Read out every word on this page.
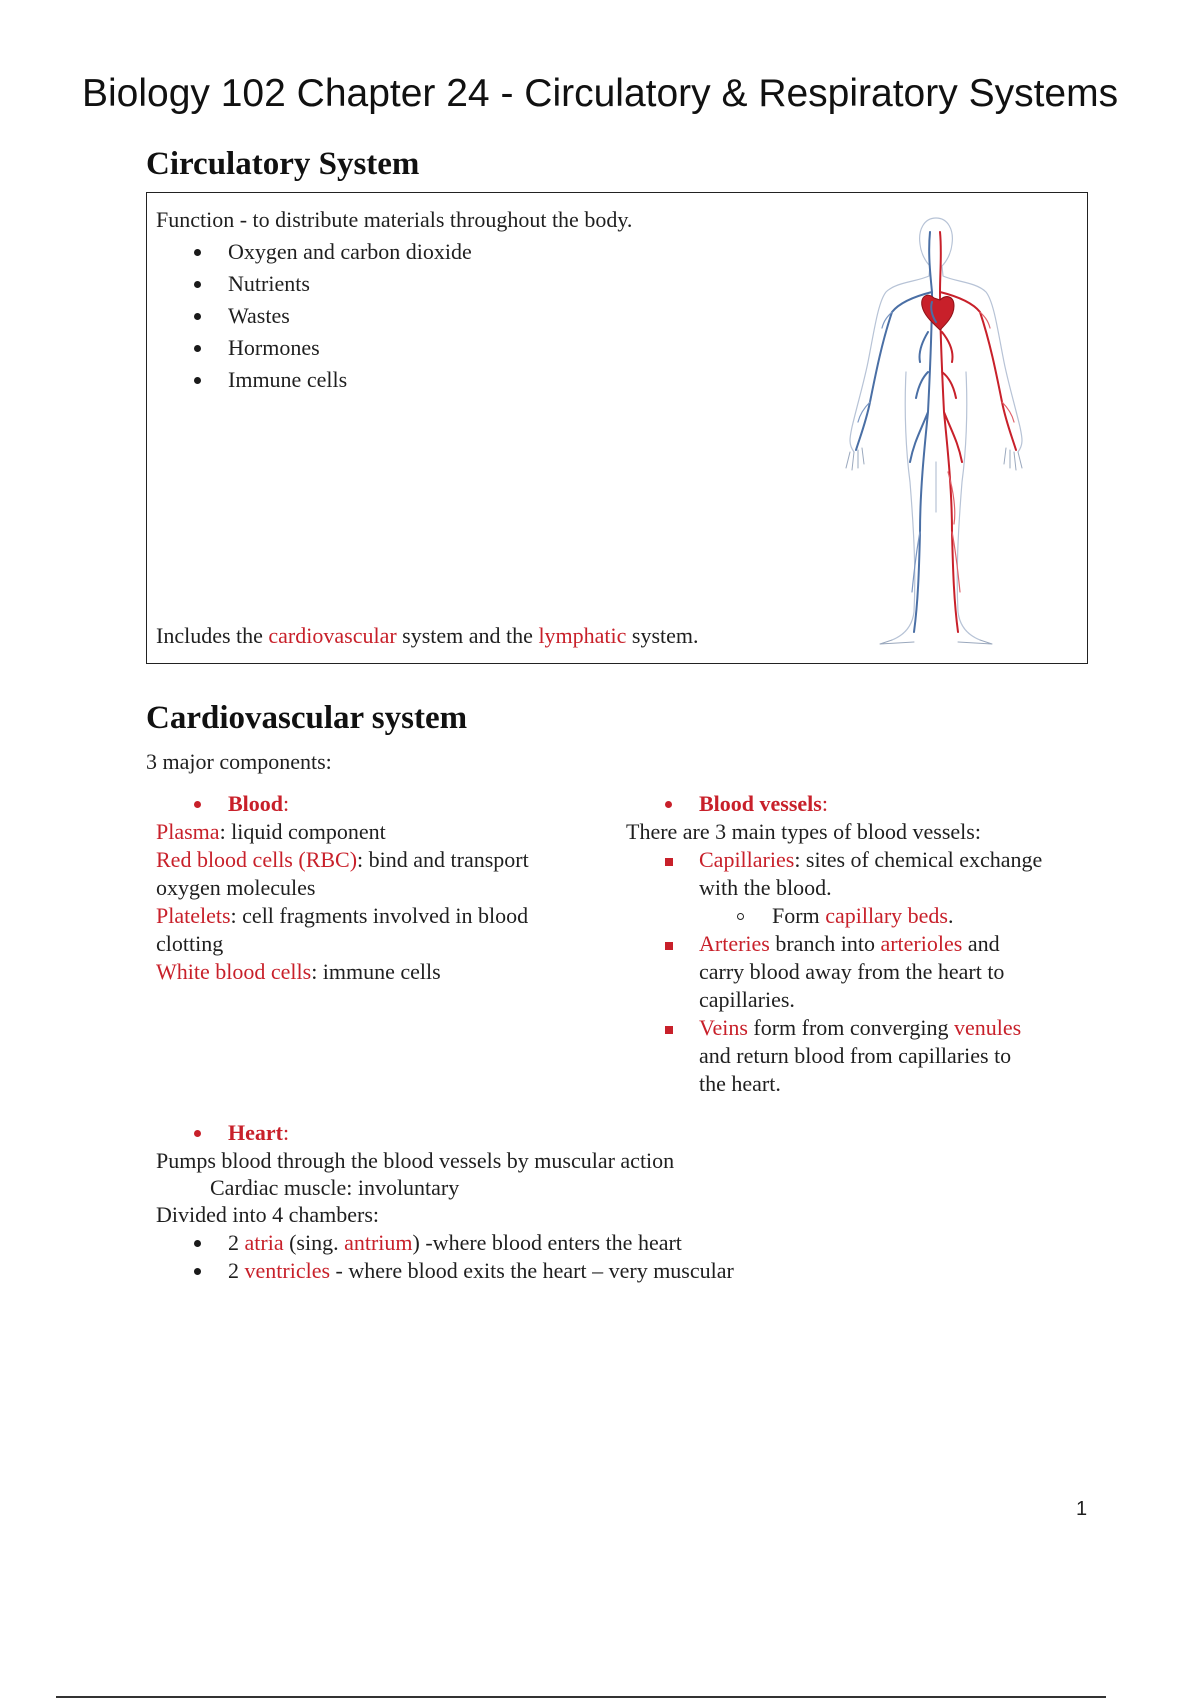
Biology 102 Chapter 24 - Circulatory & Respiratory Systems
Circulatory System
Function - to distribute materials throughout the body.
Oxygen and carbon dioxide
Nutrients
Wastes
Hormones
Immune cells
Includes the cardiovascular system and the lymphatic system.
Cardiovascular system
3 major components:
Blood:
Plasma: liquid component
Red blood cells (RBC): bind and transport
oxygen molecules
Platelets: cell fragments involved in blood
clotting
White blood cells: immune cells
Blood vessels:
There are 3 main types of blood vessels:
Capillaries: sites of chemical exchange
with the blood.
Form capillary beds.
Arteries branch into arterioles and
carry blood away from the heart to
capillaries.
Veins form from converging venules
and return blood from capillaries to
the heart.
Heart:
Pumps blood through the blood vessels by muscular action
Cardiac muscle: involuntary
Divided into 4 chambers:
2 atria (sing. antrium) -where blood enters the heart
2 ventricles - where blood exits the heart – very muscular
1
